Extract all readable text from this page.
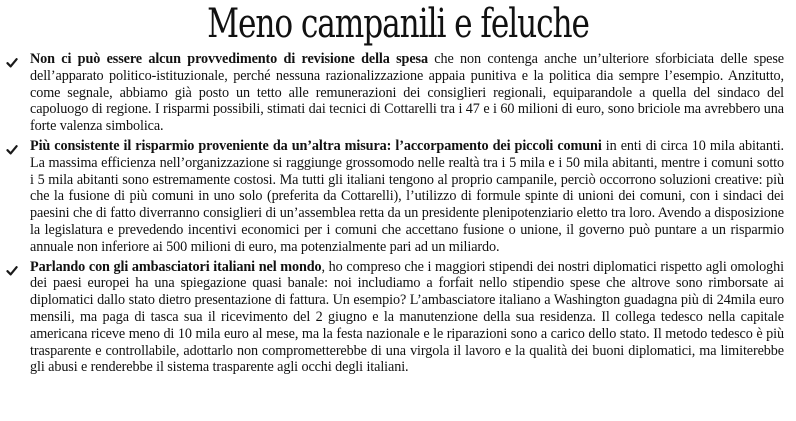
Meno campanili e feluche

Non ci può essere alcun provvedimento di revisione della spesa che non contenga anche un’ulteriore sforbiciata delle spese dell’apparato politico-istituzionale, perché nessuna razionalizzazione appaia punitiva e la politica dia sempre l’esempio. Anzitutto, come segnale, abbiamo già posto un tetto alle remunerazioni dei consiglieri regionali, equiparandole a quella del sindaco del capoluogo di regione. I risparmi possibili, stimati dai tecnici di Cottarelli tra i 47 e i 60 milioni di euro, sono briciole ma avrebbero una forte valenza simbolica.

Più consistente il risparmio proveniente da un’altra misura: l’accorpamento dei piccoli comuni in enti di circa 10 mila abitanti. La massima efficienza nell’organizzazione si raggiunge grossomodo nelle realtà tra i 5 mila e i 50 mila abitanti, mentre i comuni sotto i 5 mila abitanti sono estremamente costosi. Ma tutti gli italiani tengono al proprio campanile, perciò occorrono soluzioni creative: più che la fusione di più comuni in uno solo (preferita da Cottarelli), l’utilizzo di formule spinte di unioni dei comuni, con i sindaci dei paesini che di fatto diverranno consiglieri di un’assemblea retta da un presidente plenipotenziario eletto tra loro. Avendo a disposizione la legislatura e prevedendo incentivi economici per i comuni che accettano fusione o unione, il governo può puntare a un risparmio annuale non inferiore ai 500 milioni di euro, ma potenzialmente pari ad un miliardo.

Parlando con gli ambasciatori italiani nel mondo, ho compreso che i maggiori stipendi dei nostri diplomatici rispetto agli omologhi dei paesi europei ha una spiegazione quasi banale: noi includiamo a forfait nello stipendio spese che altrove sono rimborsate ai diplomatici dallo stato dietro presentazione di fattura. Un esempio? L’ambasciatore italiano a Washington guadagna più di 24mila euro mensili, ma paga di tasca sua il ricevimento del 2 giugno e la manutenzione della sua residenza. Il collega tedesco nella capitale americana riceve meno di 10 mila euro al mese, ma la festa nazionale e le riparazioni sono a carico dello stato. Il metodo tedesco è più trasparente e controllabile, adottarlo non comprometterebbe di una virgola il lavoro e la qualità dei buoni diplomatici, ma limiterebbe gli abusi e renderebbe il sistema trasparente agli occhi degli italiani.
